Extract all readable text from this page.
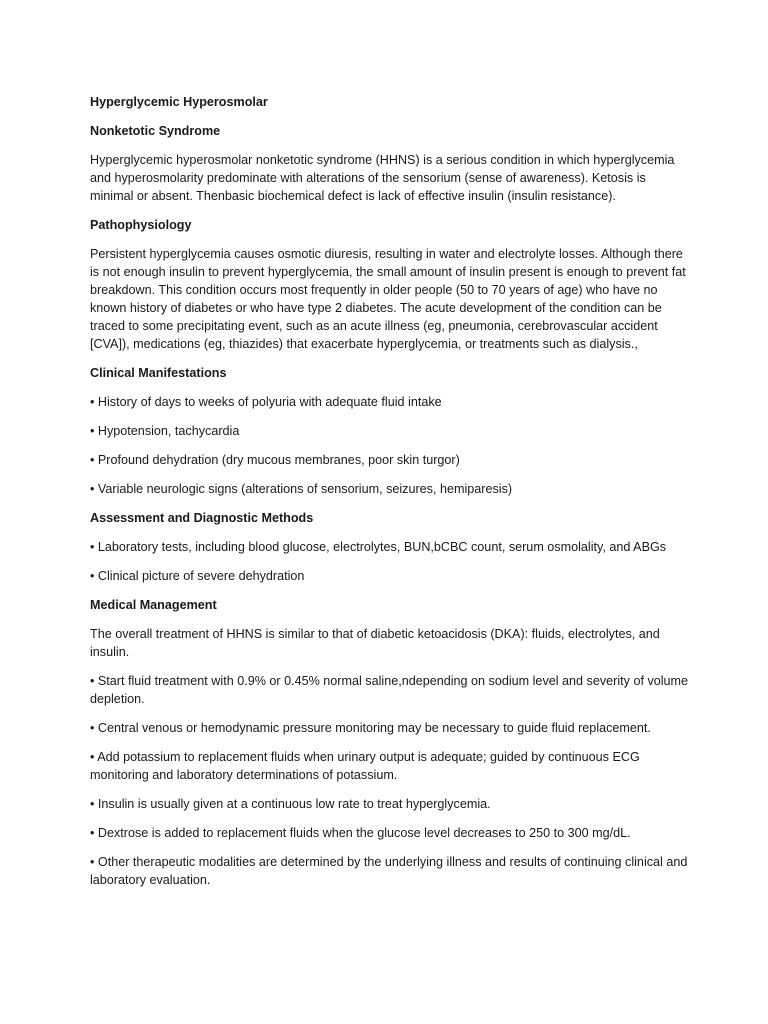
Hyperglycemic Hyperosmolar

Nonketotic Syndrome

Hyperglycemic hyperosmolar nonketotic syndrome (HHNS) is a serious condition in which hyperglycemia and hyperosmolarity predominate with alterations of the sensorium (sense of awareness). Ketosis is minimal or absent. Thenbasic biochemical defect is lack of effective insulin (insulin resistance).

Pathophysiology

Persistent hyperglycemia causes osmotic diuresis, resulting in water and electrolyte losses. Although there is not enough insulin to prevent hyperglycemia, the small amount of insulin present is enough to prevent fat breakdown. This condition occurs most frequently in older people (50 to 70 years of age) who have no known history of diabetes or who have type 2 diabetes. The acute development of the condition can be traced to some precipitating event, such as an acute illness (eg, pneumonia, cerebrovascular accident [CVA]), medications (eg, thiazides) that exacerbate hyperglycemia, or treatments such as dialysis.,

Clinical Manifestations

• History of days to weeks of polyuria with adequate fluid intake

• Hypotension, tachycardia

• Profound dehydration (dry mucous membranes, poor skin turgor)

• Variable neurologic signs (alterations of sensorium, seizures, hemiparesis)

Assessment and Diagnostic Methods

• Laboratory tests, including blood glucose, electrolytes, BUN,bCBC count, serum osmolality, and ABGs

• Clinical picture of severe dehydration

Medical Management

The overall treatment of HHNS is similar to that of diabetic ketoacidosis (DKA): fluids, electrolytes, and insulin.

• Start fluid treatment with 0.9% or 0.45% normal saline,ndepending on sodium level and severity of volume depletion.

• Central venous or hemodynamic pressure monitoring may be necessary to guide fluid replacement.

• Add potassium to replacement fluids when urinary output is adequate; guided by continuous ECG monitoring and laboratory determinations of potassium.

• Insulin is usually given at a continuous low rate to treat hyperglycemia.

• Dextrose is added to replacement fluids when the glucose level decreases to 250 to 300 mg/dL.

• Other therapeutic modalities are determined by the underlying illness and results of continuing clinical and laboratory evaluation.
